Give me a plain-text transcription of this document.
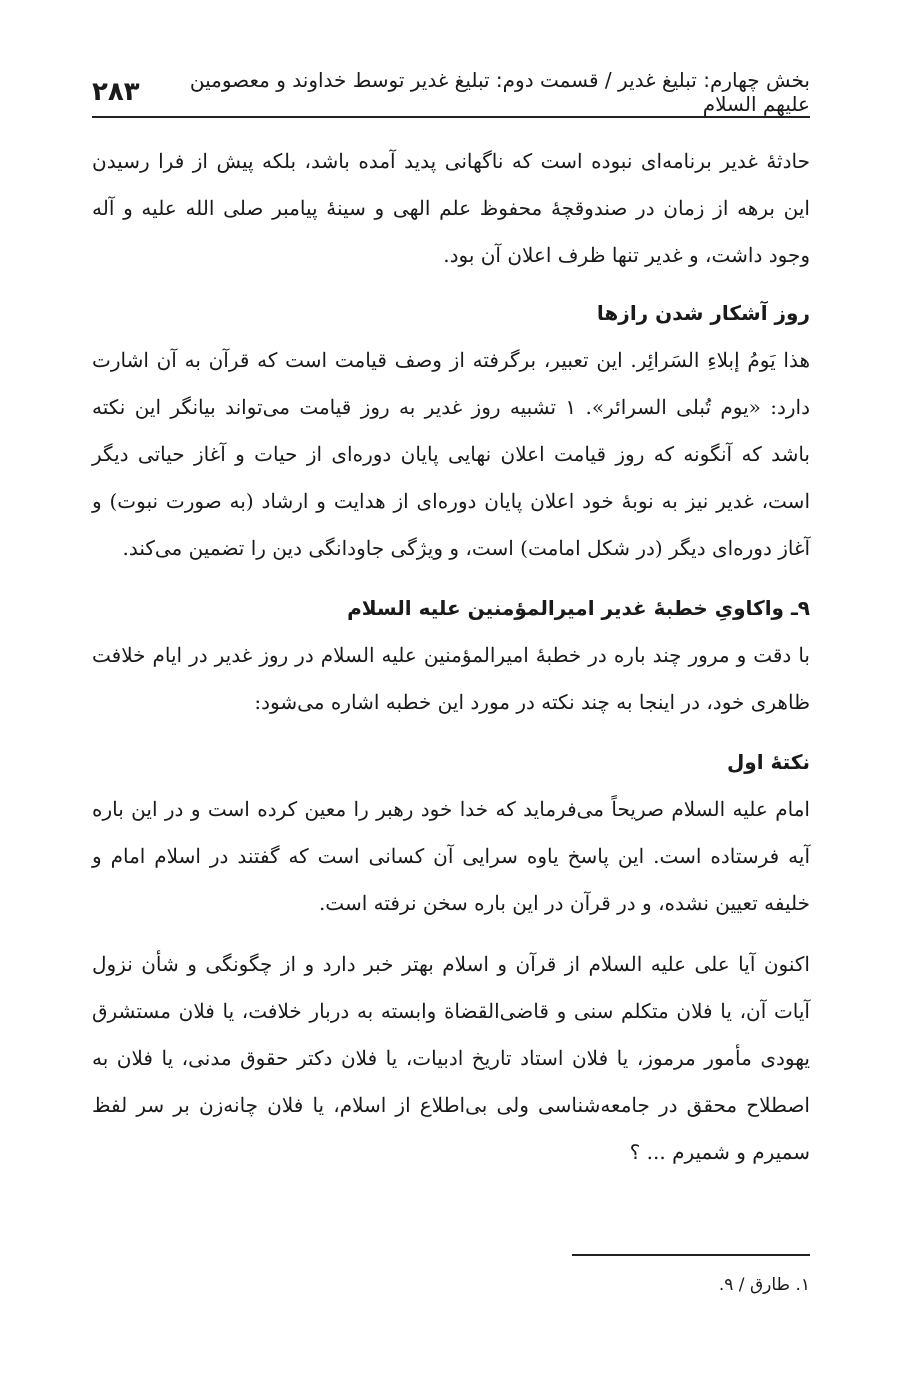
بخش چهارم: تبلیغ غدیر / قسمت دوم: تبلیغ غدیر توسط خداوند و معصومین علیهم السلام
۲۸۳

حادثهٔ غدیر برنامه‌ای نبوده است که ناگهانی پدید آمده باشد، بلکه پیش از فرا رسیدن این برهه از زمان در صندوقچهٔ محفوظ علم الهی و سینهٔ پیامبر صلی الله علیه و آله وجود داشت، و غدیر تنها ظرف اعلان آن بود.

روز آشکار شدن رازها

هذا یَومُ إبلاءِ السَرائِر. این تعبیر، برگرفته از وصف قیامت است که قرآن به آن اشارت دارد: «یوم تُبلی السرائر». ۱ تشبیه روز غدیر به روز قیامت می‌تواند بیانگر این نکته باشد که آنگونه که روز قیامت اعلان نهایی پایان دوره‌ای از حیات و آغاز حیاتی دیگر است، غدیر نیز به نوبهٔ خود اعلان پایان دوره‌ای از هدایت و ارشاد (به صورت نبوت) و آغاز دوره‌ای دیگر (در شکل امامت) است، و ویژگی جاودانگی دین را تضمین می‌کند.

۹ـ واکاویِ خطبهٔ غدیر امیرالمؤمنین علیه السلام

با دقت و مرور چند باره در خطبهٔ امیرالمؤمنین علیه السلام در روز غدیر در ایام خلافت ظاهری خود، در اینجا به چند نکته در مورد این خطبه اشاره می‌شود:

نکتهٔ اول

امام علیه السلام صریحاً می‌فرماید که خدا خود رهبر را معین کرده است و در این باره آیه فرستاده است. این پاسخ یاوه سرایی آن کسانی است که گفتند در اسلام امام و خلیفه تعیین نشده، و در قرآن در این باره سخن نرفته است.

اکنون آیا علی علیه السلام از قرآن و اسلام بهتر خبر دارد و از چگونگی و شأن نزول آیات آن، یا فلان متکلم سنی و قاضی‌القضاة وابسته به دربار خلافت، یا فلان مستشرق یهودی مأمور مرموز، یا فلان استاد تاریخ ادبیات، یا فلان دکتر حقوق مدنی، یا فلان به اصطلاح محقق در جامعه‌شناسی ولی بی‌اطلاع از اسلام، یا فلان چانه‌زن بر سر لفظ سمیرم و شمیرم ... ؟

۱. طارق / ۹.
